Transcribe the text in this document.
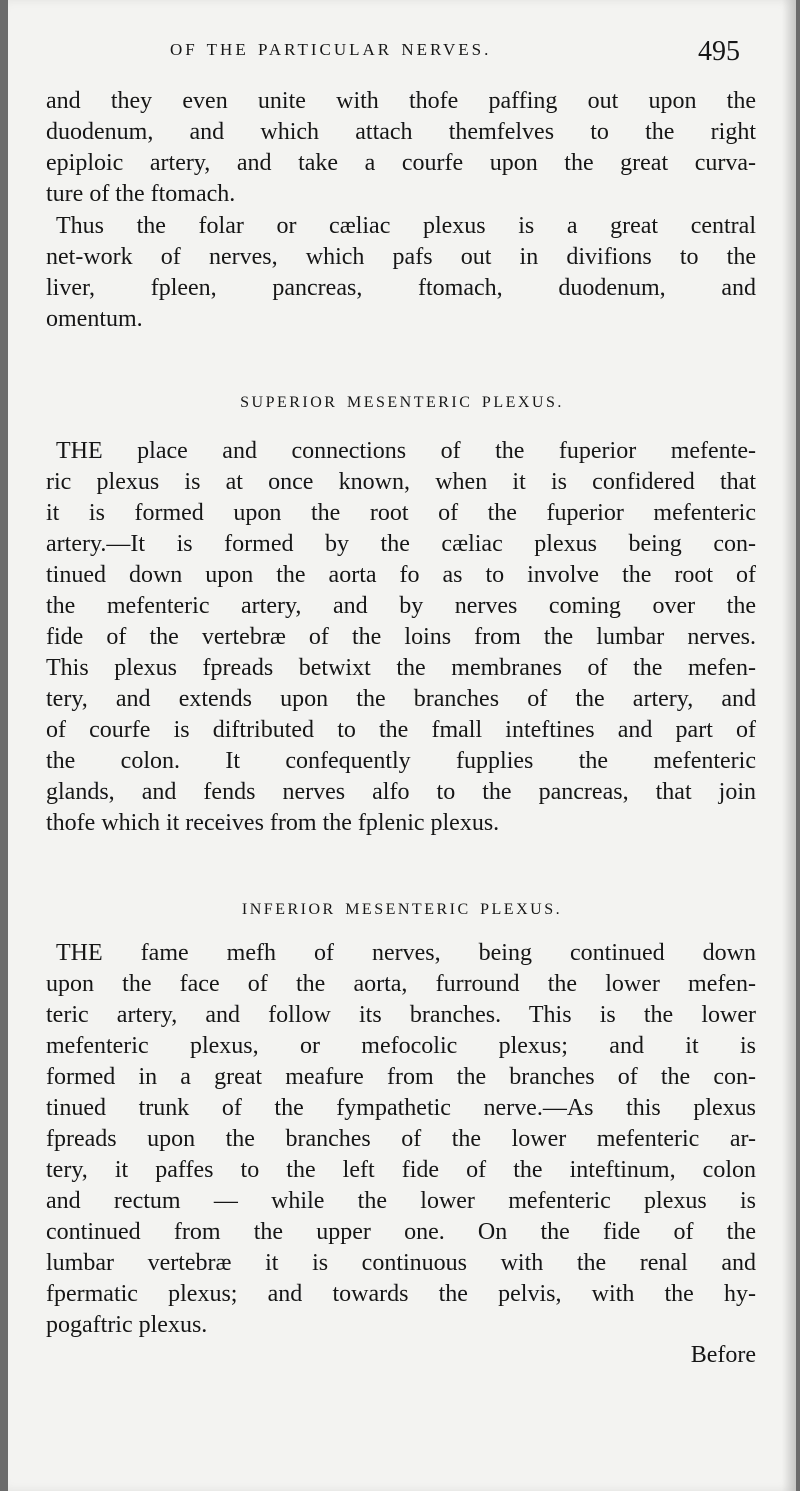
OF THE PARTICULAR NERVES.	495
and they even unite with thofe paffing out upon the
duodenum, and which attach themfelves to the right
epiploic artery, and take a courfe upon the great curva-
ture of the ftomach.
Thus the folar or cæliac plexus is a great central
net-work of nerves, which pafs out in divifions to the
liver, fpleen, pancreas, ftomach, duodenum, and
omentum.
SUPERIOR MESENTERIC PLEXUS.
THE place and connections of the fuperior mefente-
ric plexus is at once known, when it is confidered that
it is formed upon the root of the fuperior mefenteric
artery.—It is formed by the cæliac plexus being con-
tinued down upon the aorta fo as to involve the root of
the mefenteric artery, and by nerves coming over the
fide of the vertebræ of the loins from the lumbar nerves.
This plexus fpreads betwixt the membranes of the mefen-
tery, and extends upon the branches of the artery, and
of courfe is diftributed to the fmall inteftines and part of
the colon. It confequently fupplies the mefenteric
glands, and fends nerves alfo to the pancreas, that join
thofe which it receives from the fplenic plexus.
INFERIOR MESENTERIC PLEXUS.
THE fame mefh of nerves, being continued down
upon the face of the aorta, furround the lower mefen-
teric artery, and follow its branches. This is the lower
mefenteric plexus, or mefocolic plexus; and it is
formed in a great meafure from the branches of the con-
tinued trunk of the fympathetic nerve.—As this plexus
fpreads upon the branches of the lower mefenteric ar-
tery, it paffes to the left fide of the inteftinum, colon
and rectum — while the lower mefenteric plexus is
continued from the upper one. On the fide of the
lumbar vertebræ it is continuous with the renal and
fpermatic plexus; and towards the pelvis, with the hy-
pogaftric plexus.
Before
